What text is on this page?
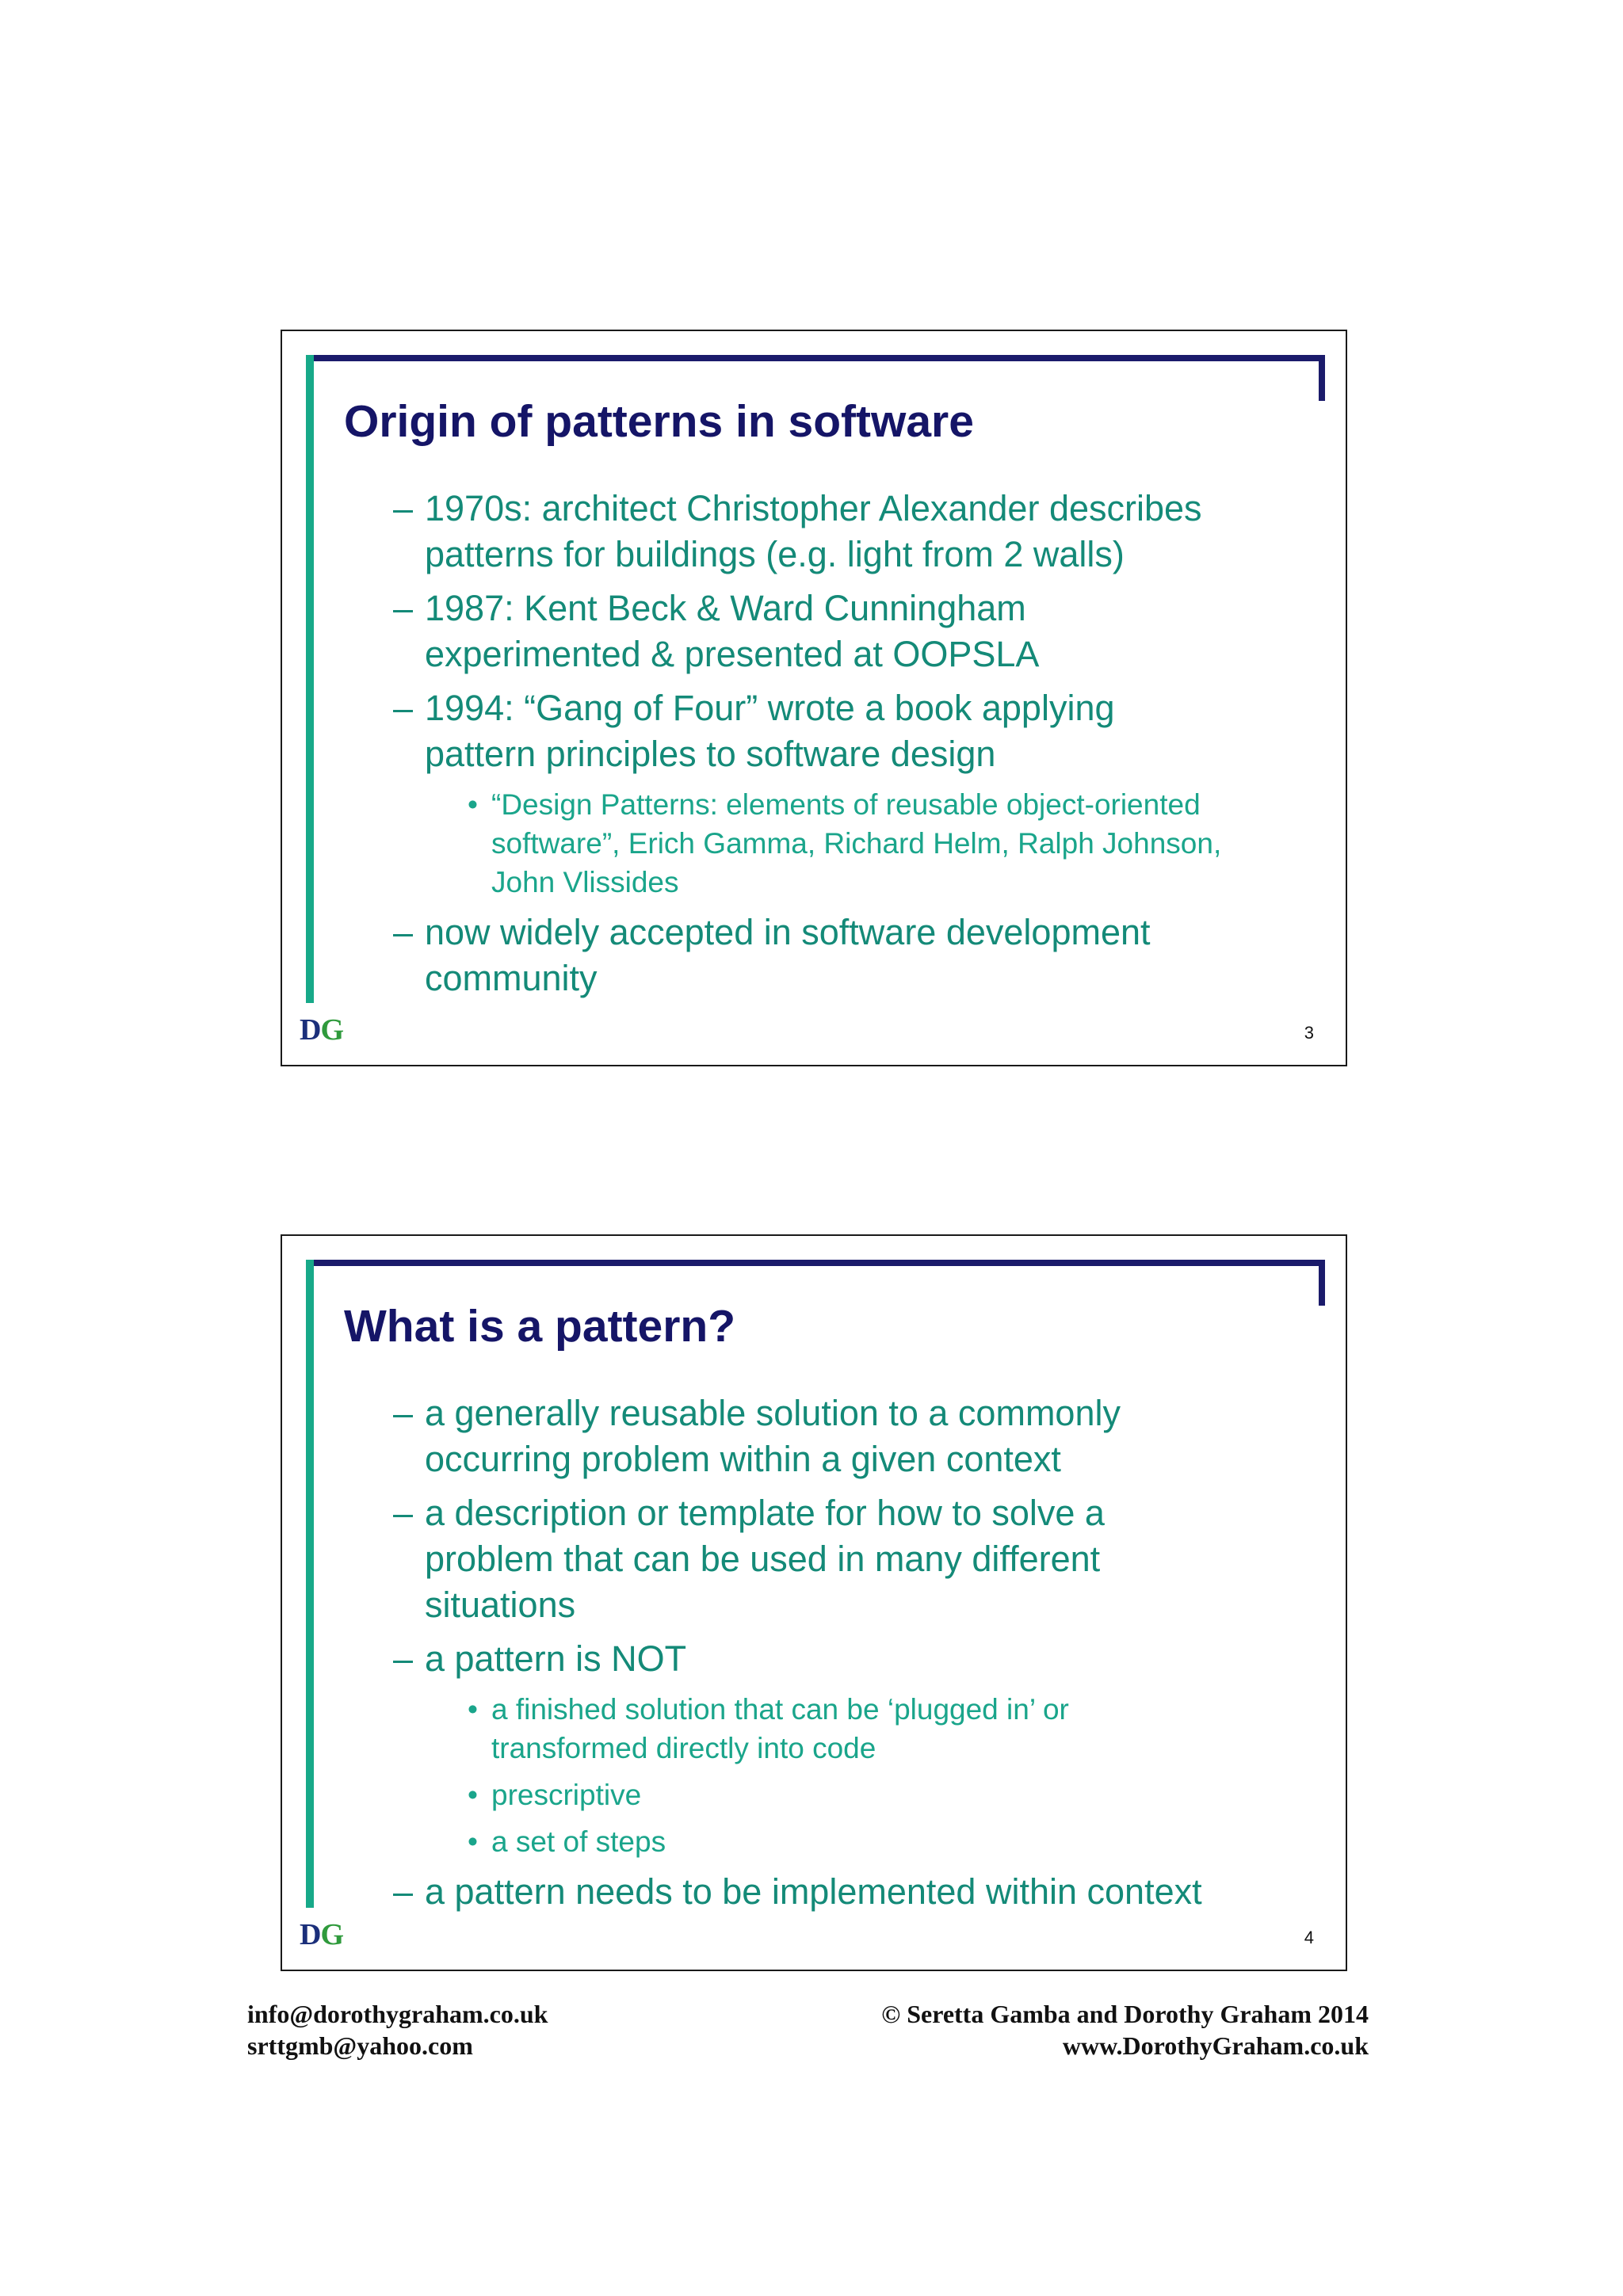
Origin of patterns in software
– 1970s: architect Christopher Alexander describes
patterns for buildings (e.g. light from 2 walls)
– 1987: Kent Beck & Ward Cunningham
experimented & presented at OOPSLA
– 1994: “Gang of Four” wrote a book applying
pattern principles to software design
• “Design Patterns: elements of reusable object-oriented
software”, Erich Gamma, Richard Helm, Ralph Johnson,
John Vlissides
– now widely accepted in software development
community
DG	3
What is a pattern?
– a generally reusable solution to a commonly
occurring problem within a given context
– a description or template for how to solve a
problem that can be used in many different
situations
– a pattern is NOT
• a finished solution that can be ‘plugged in’ or
transformed directly into code
• prescriptive
• a set of steps
– a pattern needs to be implemented within context
DG	4
info@dorothygraham.co.uk
srttgmb@yahoo.com
© Seretta Gamba and Dorothy Graham 2014
www.DorothyGraham.co.uk
